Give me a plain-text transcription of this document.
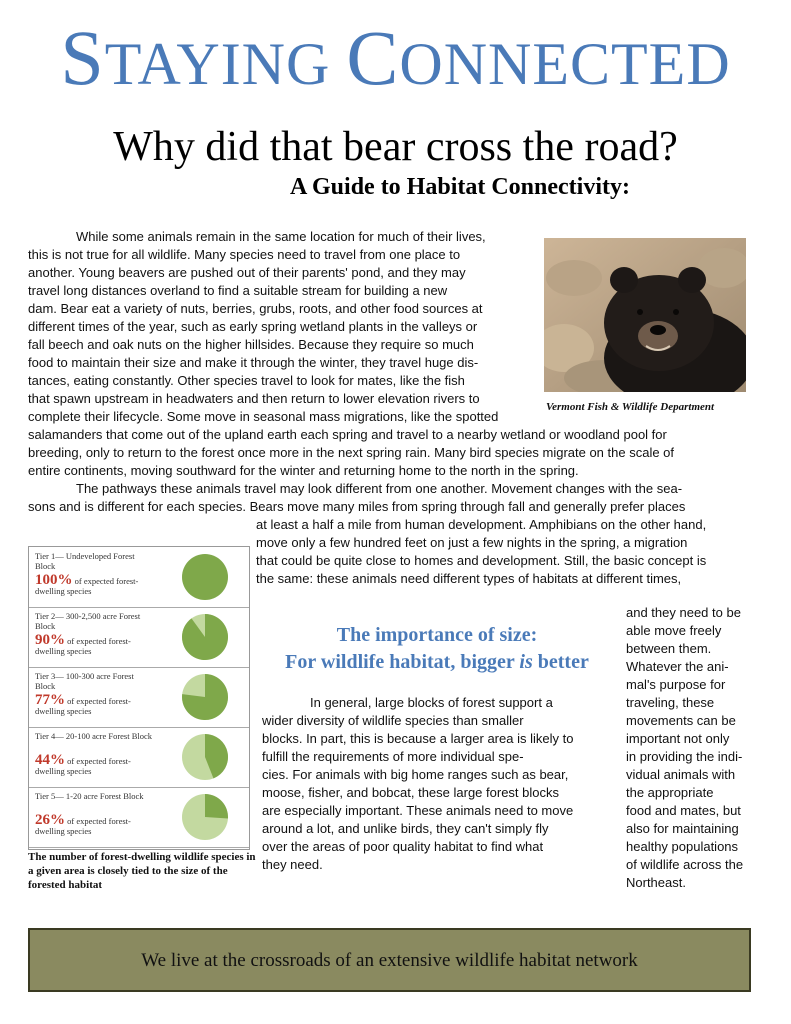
STAYING CONNECTED
Why did that bear cross the road?
A Guide to Habitat Connectivity:
While some animals remain in the same location for much of their lives,
this is not true for all wildlife. Many species need to travel from one place to
another. Young beavers are pushed out of their parents' pond, and they may
travel long distances overland to find a suitable stream for building a new
dam. Bear eat a variety of nuts, berries, grubs, roots, and other food sources at
different times of the year, such as early spring wetland plants in the valleys or
fall beech and oak nuts on the higher hillsides. Because they require so much
food to maintain their size and make it through the winter, they travel huge dis-
tances, eating constantly. Other species travel to look for mates, like the fish
that spawn upstream in headwaters and then return to lower elevation rivers to
complete their lifecycle. Some move in seasonal mass migrations, like the spotted
salamanders that come out of the upland earth each spring and travel to a nearby wetland or woodland pool for
breeding, only to return to the forest once more in the next spring rain. Many bird species migrate on the scale of
entire continents, moving southward for the winter and returning home to the north in the spring.
The pathways these animals travel may look different from one another. Movement changes with the sea-
sons and is different for each species. Bears move many miles from spring through fall and generally prefer places
at least a half a mile from human development. Amphibians on the other hand,
move only a few hundred feet on just a few nights in the spring, a migration
that could be quite close to homes and development. Still, the basic concept is
the same: these animals need different types of habitats at different times,
Vermont Fish & Wildlife Department
Tier 1— Undeveloped Forest Block
100% of expected forest-dwelling species
Tier 2— 300-2,500 acre Forest Block
90% of expected forest-dwelling species
Tier 3— 100-300 acre Forest Block
77% of expected forest-dwelling species
Tier 4— 20-100 acre Forest Block
44% of expected forest-dwelling species
Tier 5— 1-20 acre Forest Block
26% of expected forest-dwelling species
The number of forest-dwelling wildlife species in a given area is closely tied to the size of the forested habitat
and they need to be
able move freely
between them.
Whatever the ani-
mal's purpose for
traveling, these
movements can be
important not only
in providing the indi-
vidual animals with
the appropriate
food and mates, but
also for maintaining
healthy populations
of wildlife across the
Northeast.
The importance of size:
For wildlife habitat, bigger is better
In general, large blocks of forest support a
wider diversity of wildlife species than smaller
blocks. In part, this is because a larger area is likely to
fulfill the requirements of more individual spe-
cies. For animals with big home ranges such as bear,
moose, fisher, and bobcat, these large forest blocks
are especially important. These animals need to move
around a lot, and unlike birds, they can't simply fly
over the areas of poor quality habitat to find what
they need.
We live at the crossroads of an extensive wildlife habitat network
